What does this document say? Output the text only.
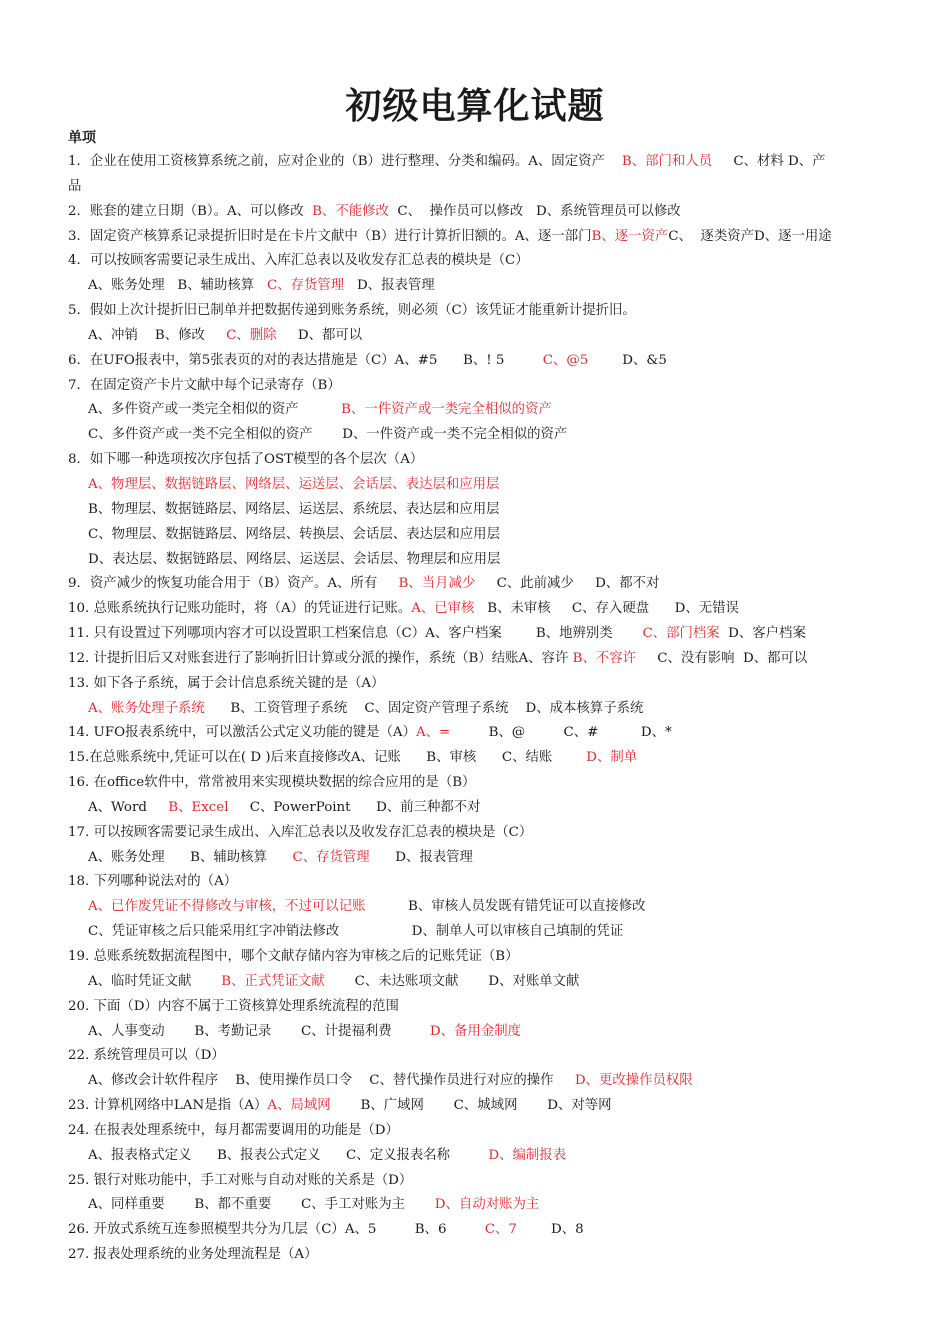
初级电算化试题
单项
1．企业在使用工资核算系统之前，应对企业的（B）进行整理、分类和编码。A、固定资产    B、部门和人员     C、材料 D、产
品
2．账套的建立日期（B）。A、可以修改  B、不能修改  C、  操作员可以修改   D、系统管理员可以修改
3．固定资产核算系记录提折旧时是在卡片文献中（B）进行计算折旧额的。A、逐一部门B、逐一资产C、  逐类资产D、逐一用途
4．可以按顾客需要记录生成出、入库汇总表以及收发存汇总表的模块是（C）
A、账务处理   B、辅助核算   C、存货管理   D、报表管理
5．假如上次计提折旧已制单并把数据传递到账务系统，则必须（C）该凭证才能重新计提折旧。
A、冲销    B、修改     C、删除     D、都可以
6．在UFO报表中，第5张表页的对的表达措施是（C）A、#5      B、! 5         C、@5        D、&5
7．在固定资产卡片文献中每个记录寄存（B）
A、多件资产或一类完全相似的资产          B、一件资产或一类完全相似的资产
C、多件资产或一类不完全相似的资产       D、一件资产或一类不完全相似的资产
8．如下哪一种选项按次序包括了OST模型的各个层次（A）
A、物理层、数据链路层、网络层、运送层、会话层、表达层和应用层
B、物理层、数据链路层、网络层、运送层、系统层、表达层和应用层
C、物理层、数据链路层、网络层、转换层、会话层、表达层和应用层
D、表达层、数据链路层、网络层、运送层、会话层、物理层和应用层
9．资产减少的恢复功能合用于（B）资产。A、所有     B、当月减少     C、此前减少     D、都不对
10. 总账系统执行记账功能时，将（A）的凭证进行记账。A、已审核   B、未审核     C、存入硬盘      D、无错误
11. 只有设置过下列哪项内容才可以设置职工档案信息（C）A、客户档案        B、地辨别类       C、部门档案  D、客户档案
12. 计提折旧后又对账套进行了影响折旧计算或分派的操作，系统（B）结账A、容许 B、不容许     C、没有影响  D、都可以
13. 如下各子系统，属于会计信息系统关键的是（A）
A、账务处理子系统      B、工资管理子系统    C、固定资产管理子系统    D、成本核算子系统
14. UFO报表系统中，可以激活公式定义功能的键是（A）A、=         B、@         C、#          D、*
15.在总账系统中,凭证可以在( D )后来直接修改A、记账      B、审核      C、结账        D、制单
16. 在office软件中，常常被用来实现模块数据的综合应用的是（B）
A、Word     B、Excel     C、PowerPoint      D、前三种都不对
17. 可以按顾客需要记录生成出、入库汇总表以及收发存汇总表的模块是（C）
A、账务处理      B、辅助核算      C、存货管理      D、报表管理
18. 下列哪种说法对的（A）
A、已作废凭证不得修改与审核，不过可以记账          B、审核人员发既有错凭证可以直接修改
C、凭证审核之后只能采用红字冲销法修改                 D、制单人可以审核自己填制的凭证
19. 总账系统数据流程图中，哪个文献存储内容为审核之后的记账凭证（B）
A、临时凭证文献       B、正式凭证文献       C、未达账项文献       D、对账单文献
20. 下面（D）内容不属于工资核算处理系统流程的范围
A、人事变动       B、考勤记录       C、计提福利费         D、备用金制度
22. 系统管理员可以（D）
A、修改会计软件程序    B、使用操作员口令    C、替代操作员进行对应的操作     D、更改操作员权限
23. 计算机网络中LAN是指（A）A、局域网       B、广域网       C、城域网       D、对等网
24. 在报表处理系统中，每月都需要调用的功能是（D）
A、报表格式定义      B、报表公式定义      C、定义报表名称         D、编制报表
25. 银行对账功能中，手工对账与自动对账的关系是（D）
A、同样重要       B、都不重要       C、手工对账为主       D、自动对账为主
26. 开放式系统互连参照模型共分为几层（C）A、5         B、6         C、7        D、8
27. 报表处理系统的业务处理流程是（A）
